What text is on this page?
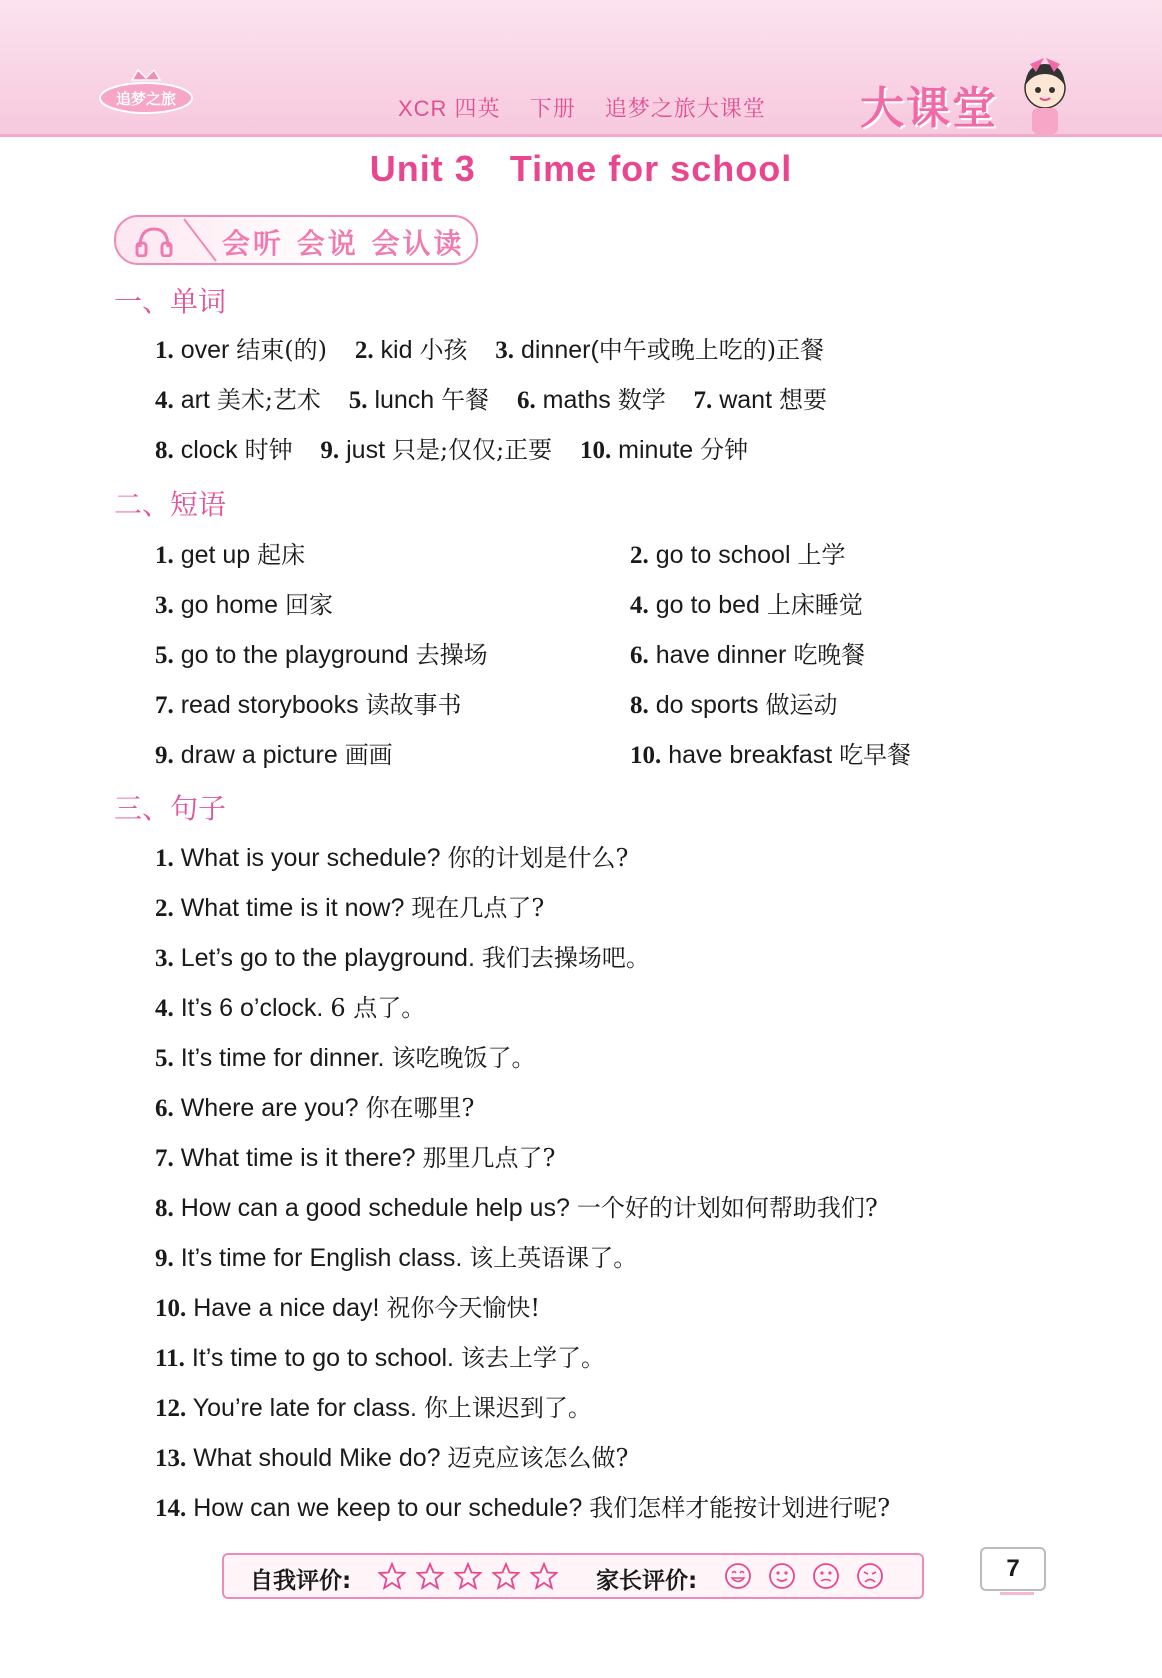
追梦之旅	XCR 四英 下册 追梦之旅大课堂	大课堂
Unit 3 Time for school
会听 会说 会认读
一、单词
1. over 结束(的) 2. kid 小孩 3. dinner(中午或晚上吃的)正餐
4. art 美术;艺术 5. lunch 午餐 6. maths 数学 7. want 想要
8. clock 时钟 9. just 只是;仅仅;正要 10. minute 分钟
二、短语
1. get up 起床	2. go to school 上学
3. go home 回家	4. go to bed 上床睡觉
5. go to the playground 去操场	6. have dinner 吃晚餐
7. read storybooks 读故事书	8. do sports 做运动
9. draw a picture 画画	10. have breakfast 吃早餐
三、句子
1. What is your schedule? 你的计划是什么?
2. What time is it now? 现在几点了?
3. Let’s go to the playground. 我们去操场吧。
4. It’s 6 o’clock. 6 点了。
5. It’s time for dinner. 该吃晚饭了。
6. Where are you? 你在哪里?
7. What time is it there? 那里几点了?
8. How can a good schedule help us? 一个好的计划如何帮助我们?
9. It’s time for English class. 该上英语课了。
10. Have a nice day! 祝你今天愉快!
11. It’s time to go to school. 该去上学了。
12. You’re late for class. 你上课迟到了。
13. What should Mike do? 迈克应该怎么做?
14. How can we keep to our schedule? 我们怎样才能按计划进行呢?
自我评价:	家长评价:	7
